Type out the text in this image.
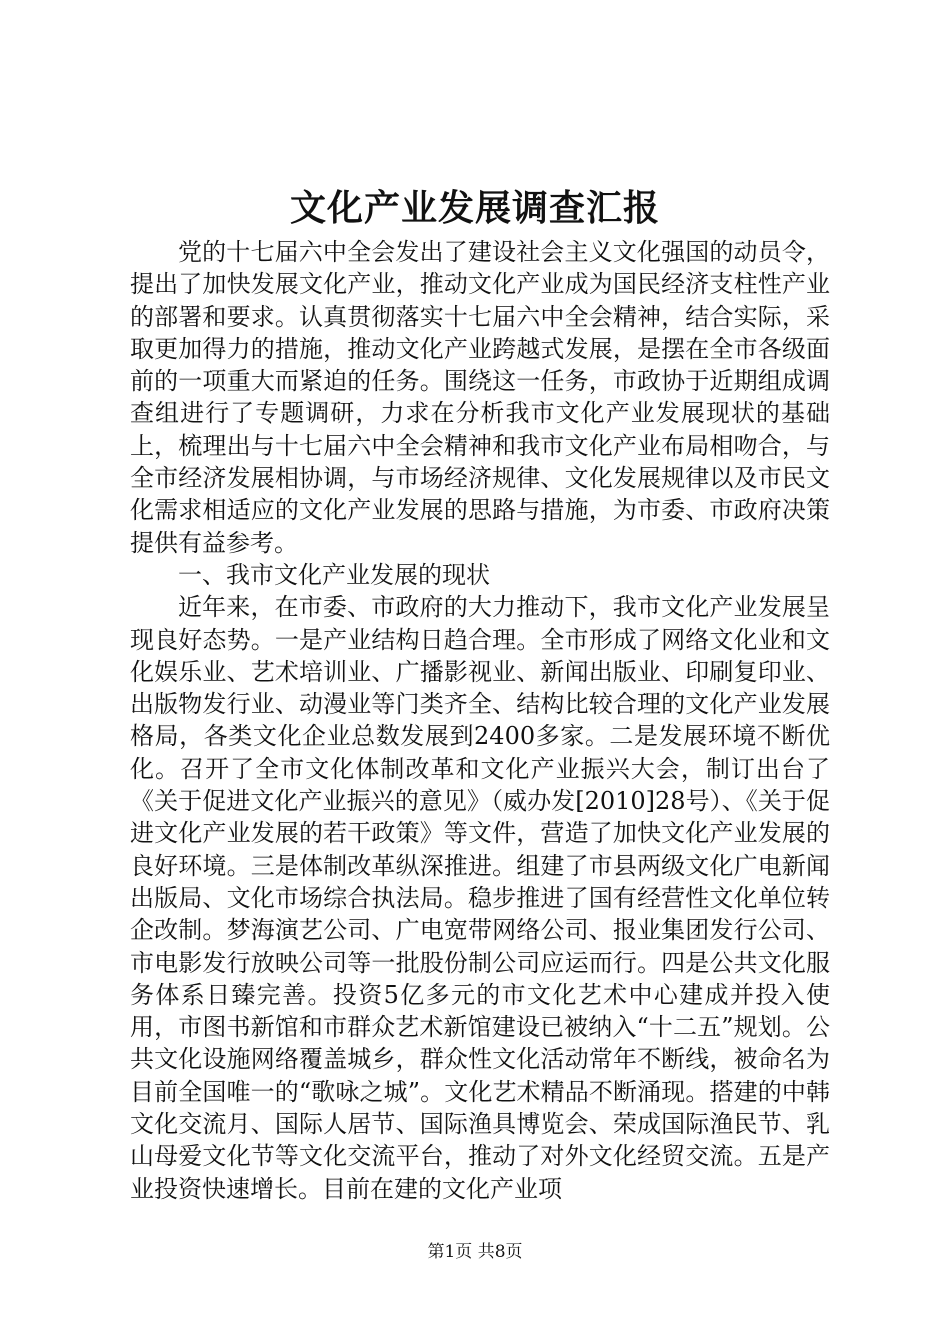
文化产业发展调查汇报

党的十七届六中全会发出了建设社会主义文化强国的动员令，提出了加快发展文化产业，推动文化产业成为国民经济支柱性产业的部署和要求。认真贯彻落实十七届六中全会精神，结合实际，采取更加得力的措施，推动文化产业跨越式发展，是摆在全市各级面前的一项重大而紧迫的任务。围绕这一任务，市政协于近期组成调查组进行了专题调研，力求在分析我市文化产业发展现状的基础上，梳理出与十七届六中全会精神和我市文化产业布局相吻合，与全市经济发展相协调，与市场经济规律、文化发展规律以及市民文化需求相适应的文化产业发展的思路与措施，为市委、市政府决策提供有益参考。

一、我市文化产业发展的现状

近年来，在市委、市政府的大力推动下，我市文化产业发展呈现良好态势。一是产业结构日趋合理。全市形成了网络文化业和文化娱乐业、艺术培训业、广播影视业、新闻出版业、印刷复印业、出版物发行业、动漫业等门类齐全、结构比较合理的文化产业发展格局，各类文化企业总数发展到2400多家。二是发展环境不断优化。召开了全市文化体制改革和文化产业振兴大会，制订出台了《关于促进文化产业振兴的意见》（威办发[2010]28号）、《关于促进文化产业发展的若干政策》等文件，营造了加快文化产业发展的良好环境。三是体制改革纵深推进。组建了市县两级文化广电新闻出版局、文化市场综合执法局。稳步推进了国有经营性文化单位转企改制。梦海演艺公司、广电宽带网络公司、报业集团发行公司、市电影发行放映公司等一批股份制公司应运而行。四是公共文化服务体系日臻完善。投资5亿多元的市文化艺术中心建成并投入使用，市图书新馆和市群众艺术新馆建设已被纳入“十二五”规划。公共文化设施网络覆盖城乡，群众性文化活动常年不断线，被命名为目前全国唯一的“歌咏之城”。文化艺术精品不断涌现。搭建的中韩文化交流月、国际人居节、国际渔具博览会、荣成国际渔民节、乳山母爱文化节等文化交流平台，推动了对外文化经贸交流。五是产业投资快速增长。目前在建的文化产业项

第1页 共8页
